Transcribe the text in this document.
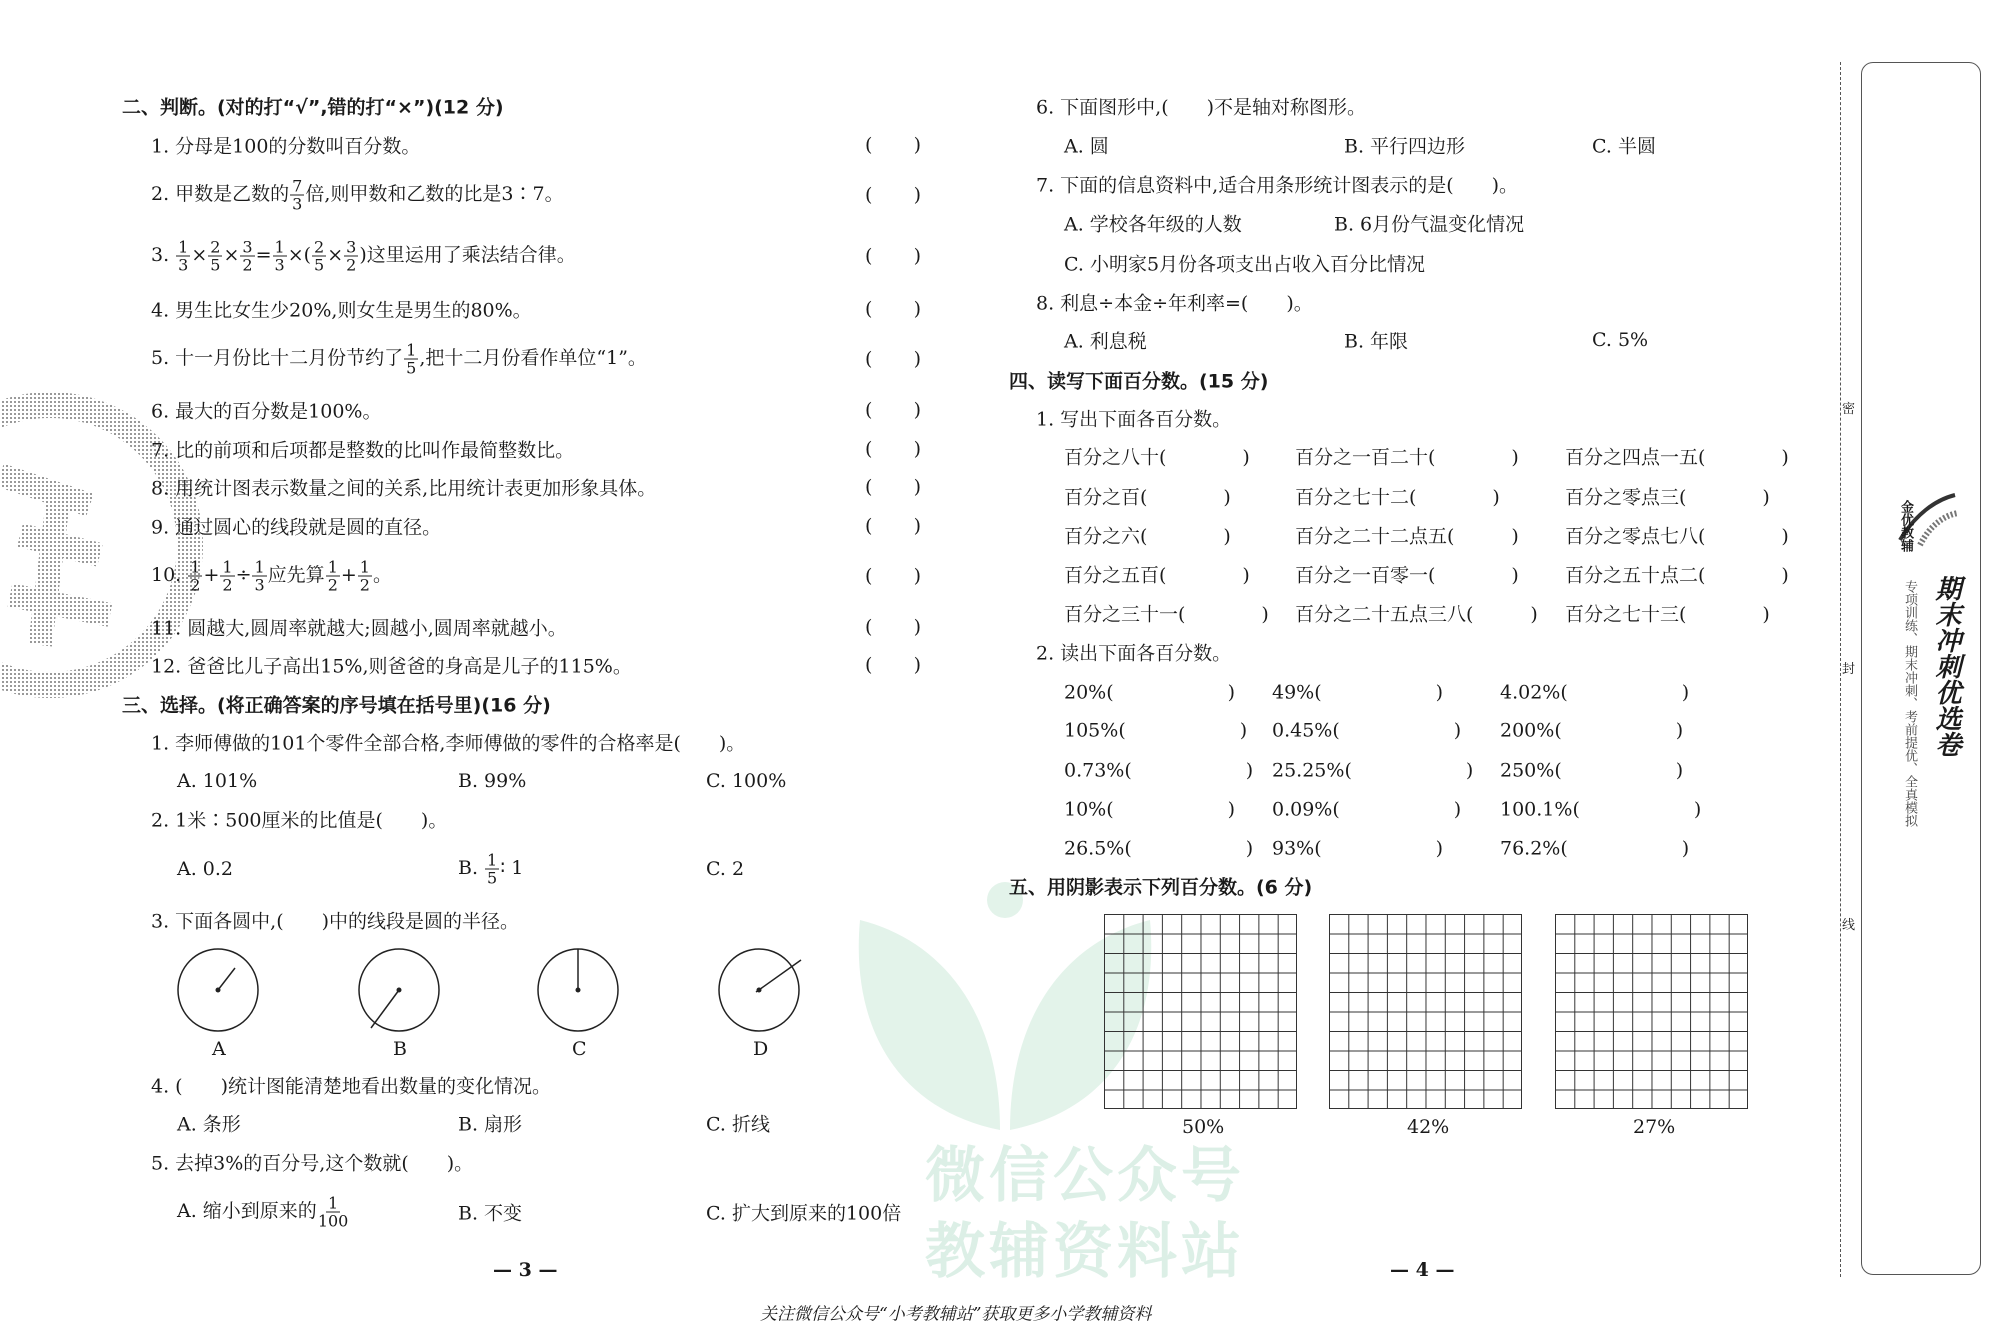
微信公众号
教辅资料站
二、判断。(对的打“√”,错的打“×”)(12 分)
1. 分母是100的分数叫百分数。	( )
2. 甲数是乙数的 $\frac{7}{3}$ 倍,则甲数和乙数的比是3∶7。	( )
3. $\frac{1}{3} \times \frac{2}{5} \times \frac{3}{2} = \frac{1}{3}$ ×( $\frac{2}{5} \times \frac{3}{2}$ )这里运用了乘法结合律。	( )
4. 男生比女生少20%,则女生是男生的80%。	( )
5. 十一月份比十二月份节约了 $\frac{1}{5}$ ,把十二月份看作单位“1”。	( )
6. 最大的百分数是100%。	( )
7. 比的前项和后项都是整数的比叫作最简整数比。	( )
8. 用统计图表示数量之间的关系,比用统计表更加形象具体。	( )
9. 通过圆心的线段就是圆的直径。	( )
10. $\frac{1}{2} + \frac{1}{2} \div \frac{1}{3}$ 应先算 $\frac{1}{2} + \frac{1}{2}$ 。	( )
11. 圆越大,圆周率就越大;圆越小,圆周率就越小。	( )
12. 爸爸比儿子高出15%,则爸爸的身高是儿子的115%。	( )
三、选择。(将正确答案的序号填在括号里)(16 分)
1. 李师傅做的101个零件全部合格,李师傅做的零件的合格率是(　　)。
A. 101%	B. 99%	C. 100%
2. 1米∶500厘米的比值是(　　)。
A. 0.2	B. $\frac{1}{5}$ ∶ 1	C. 2
3. 下面各圆中,(　　)中的线段是圆的半径。
A	B	C	D
4. (　　)统计图能清楚地看出数量的变化情况。
A. 条形	B. 扇形	C. 折线
5. 去掉3%的百分号,这个数就(　　)。
A. 缩小到原来的 $\frac{1}{100}$	B. 不变	C. 扩大到原来的100倍
— 3 —
6. 下面图形中,(　　)不是轴对称图形。
A. 圆	B. 平行四边形	C. 半圆
7. 下面的信息资料中,适合用条形统计图表示的是(　　)。
A. 学校各年级的人数	B. 6月份气温变化情况
C. 小明家5月份各项支出占收入百分比情况
8. 利息÷本金÷年利率=(　　)。
A. 利息税	B. 年限	C. 5%
四、读写下面百分数。(15 分)
1. 写出下面各百分数。
百分之八十(　　　　) 百分之一百二十(　　　　) 百分之四点一五(　　　　)
百分之百(　　　　)	百分之七十二(　　　　)	百分之零点三(　　　　)
百分之六(　　　　)	百分之二十二点五(　　　) 百分之零点七八(　　　　)
百分之五百(　　　　) 百分之一百零一(　　　　) 百分之五十点二(　　　　)
百分之三十一(　　　　) 百分之二十五点三八(　　　) 百分之七十三(　　　　)
2. 读出下面各百分数。
20%(　　　　　　) 49%(　　　　　　)	4.02%(　　　　　　)
105%(　　　　　　) 0.45%(　　　　　　) 200%(　　　　　　)
0.73%(　　　　　　) 25.25%(　　　　　　) 250%(　　　　　　)
10%(　　　　　　) 0.09%(　　　　　　) 100.1%(　　　　　　)
26.5%(　　　　　　) 93%(　　　　　　)	76.2%(　　　　　　)
五、用阴影表示下列百分数。(6 分)
50%	42%	27%
— 4 —
密
封
线
金优教辅
期末冲刺优选卷
专项训练、期末冲刺、考前提优、全真模拟
关注微信公众号“小考教辅站”获取更多小学教辅资料
